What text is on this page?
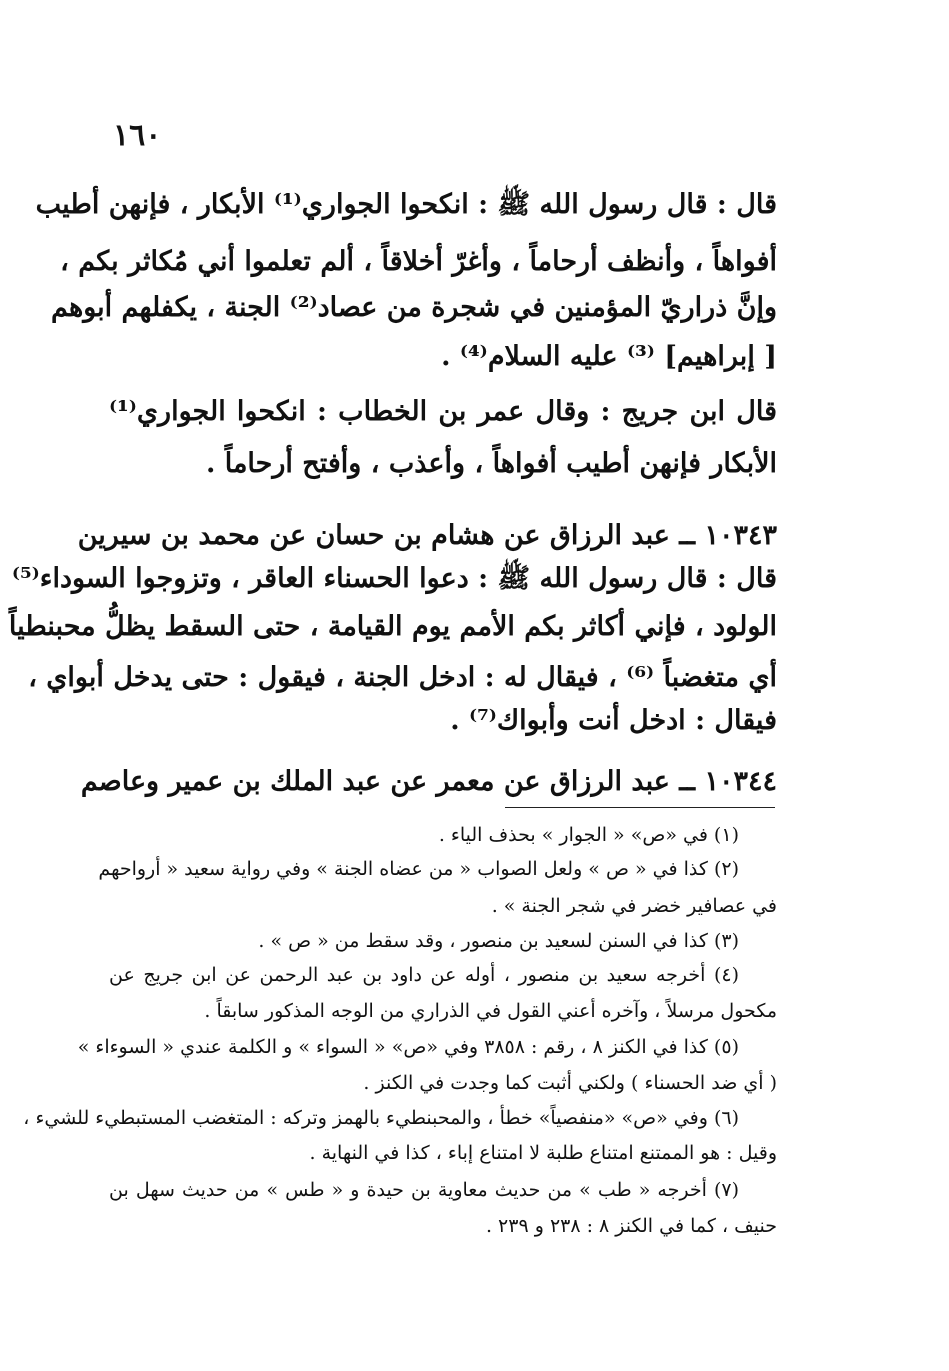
١٦٠
قال : قال رسول الله ﷺ : انكحوا الجواري⁽¹⁾ الأبكار ، فإنهن أطيب
أفواهاً ، وأنظف أرحاماً ، وأغرّ أخلاقاً ، ألم تعلموا أني مُكاثر بكم ،
وإنَّ ذراريّ المؤمنين في شجرة من عصاد⁽²⁾ الجنة ، يكفلهم أبوهم
[ إبراهيم] ⁽³⁾ عليه السلام⁽⁴⁾ .
قال ابن جريج : وقال عمر بن الخطاب : انكحوا الجواري⁽¹⁾
الأبكار فإنهن أطيب أفواهاً ، وأعذب ، وأفتح أرحاماً .
١٠٣٤٣ ــ عبد الرزاق عن هشام بن حسان عن محمد بن سيرين
قال : قال رسول الله ﷺ : دعوا الحسناء العاقر ، وتزوجوا السوداء⁽⁵⁾
الولود ، فإني أكاثر بكم الأمم يوم القيامة ، حتى السقط يظلُّ محبنطياً
أي متغضباً ⁽⁶⁾ ، فيقال له : ادخل الجنة ، فيقول : حتى يدخل أبواي ،
فيقال : ادخل أنت وأبواك⁽⁷⁾ .
١٠٣٤٤ ــ عبد الرزاق عن معمر عن عبد الملك بن عمير وعاصم
(١) في «ص» « الجوار » بحذف الياء .
(٢) كذا في « ص » ولعل الصواب « من عضاه الجنة » وفي رواية سعيد « أرواحهم
في عصافير خضر في شجر الجنة » .
(٣) كذا في السنن لسعيد بن منصور ، وقد سقط من « ص » .
(٤) أخرجه سعيد بن منصور ، أوله عن داود بن عبد الرحمن عن ابن جريج عن
مكحول مرسلاً ، وآخره أعني القول في الذراري من الوجه المذكور سابقاً .
(٥) كذا في الكنز ٨ ، رقم : ٣٨٥٨ وفي «ص» « السواء » و الكلمة عندي « السوءاء »
( أي ضد الحسناء ) ولكني أثبت كما وجدت في الكنز .
(٦) وفي «ص» «منفصياً» خطأ ، والمحبنطيء بالهمز وتركه : المتغضب المستبطيء للشيء ،
وقيل : هو الممتنع امتناع طلبة لا امتناع إباء ، كذا في النهاية .
(٧) أخرجه « طب » من حديث معاوية بن حيدة و « طس » من حديث سهل بن
حنيف ، كما في الكنز ٨ : ٢٣٨ و ٢٣٩ .
